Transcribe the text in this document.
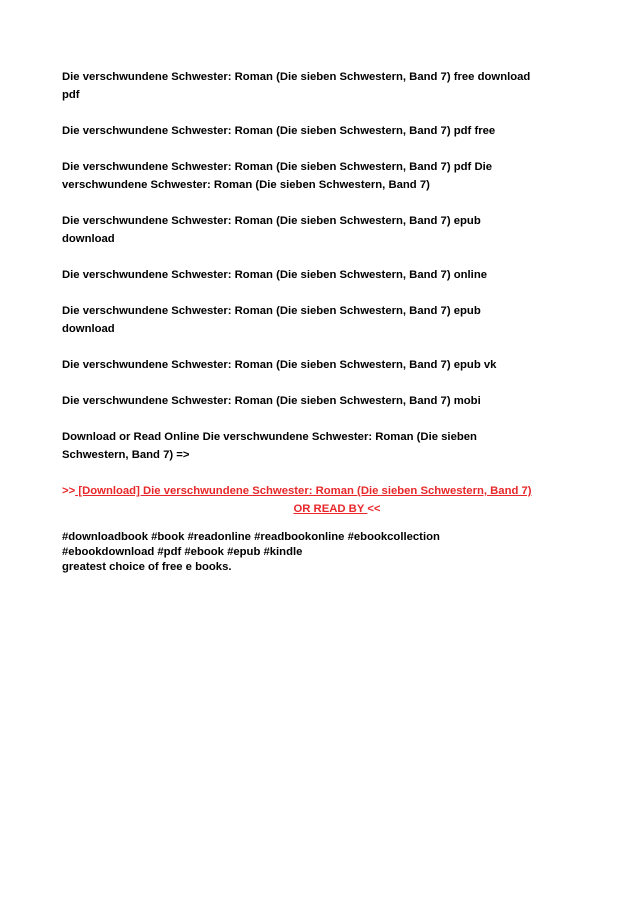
Die verschwundene Schwester: Roman (Die sieben Schwestern, Band 7) free download
pdf

Die verschwundene Schwester: Roman (Die sieben Schwestern, Band 7) pdf free

Die verschwundene Schwester: Roman (Die sieben Schwestern, Band 7) pdf Die
verschwundene Schwester: Roman (Die sieben Schwestern, Band 7)

Die verschwundene Schwester: Roman (Die sieben Schwestern, Band 7) epub
download

Die verschwundene Schwester: Roman (Die sieben Schwestern, Band 7) online

Die verschwundene Schwester: Roman (Die sieben Schwestern, Band 7) epub
download

Die verschwundene Schwester: Roman (Die sieben Schwestern, Band 7) epub vk

Die verschwundene Schwester: Roman (Die sieben Schwestern, Band 7) mobi

Download or Read Online Die verschwundene Schwester: Roman (Die sieben
Schwestern, Band 7) =>

>> [Download] Die verschwundene Schwester: Roman (Die sieben Schwestern, Band 7)

OR READ BY <<

#downloadbook #book #readonline #readbookonline #ebookcollection
#ebookdownload #pdf #ebook #epub #kindle
greatest choice of free e books.
